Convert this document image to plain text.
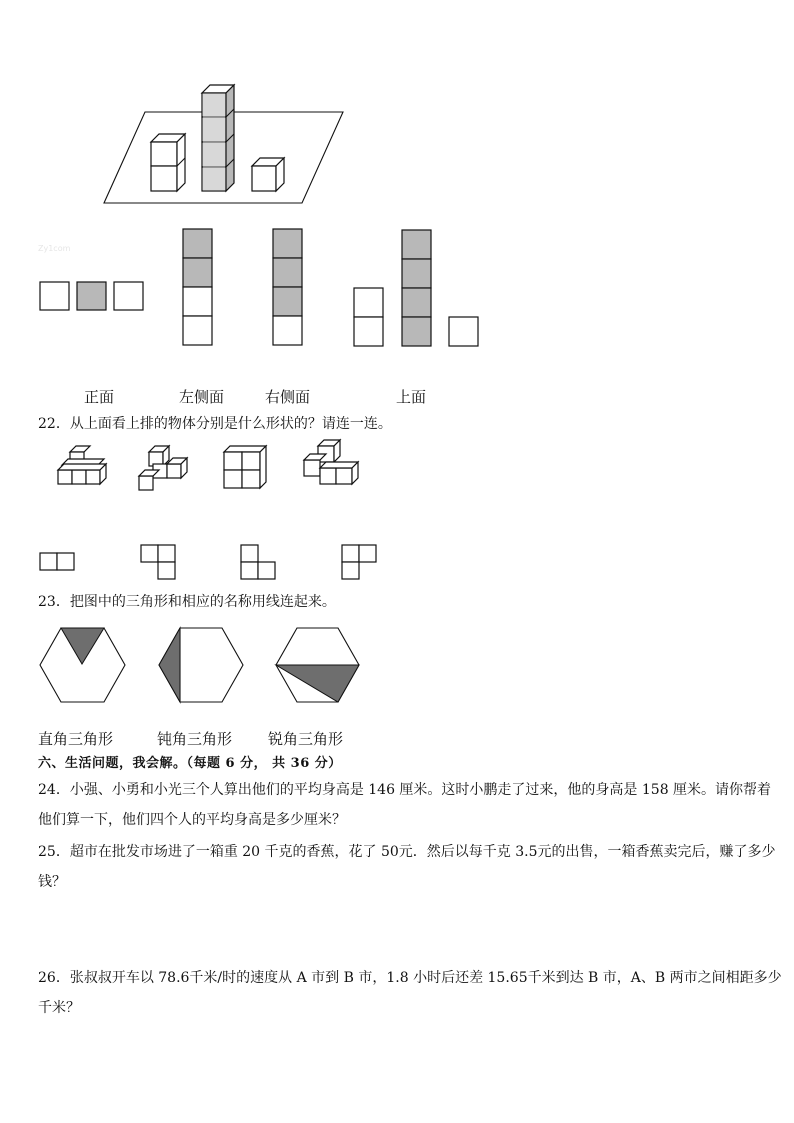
Zy1com
正面	左侧面	右侧面	上面
22．从上面看上排的物体分别是什么形状的？请连一连。
23．把图中的三角形和相应的名称用线连起来。
直角三角形	钝角三角形 锐角三角形
六、生活问题，我会解。（每题 6 分， 共 36 分）
24．小强、小勇和小光三个人算出他们的平均身高是 146 厘米。这时小鹏走了过来，他的身高是 158 厘米。请你帮着
他们算一下，他们四个人的平均身高是多少厘米？
25．超市在批发市场进了一箱重 20 千克的香蕉，花了 50元．然后以每千克 3.5元的出售，一箱香蕉卖完后，赚了多少
钱？
26．张叔叔开车以 78.6千米/时的速度从 A 市到 B 市，1.8 小时后还差 15.65千米到达 B 市，A、B 两市之间相距多少
千米？
